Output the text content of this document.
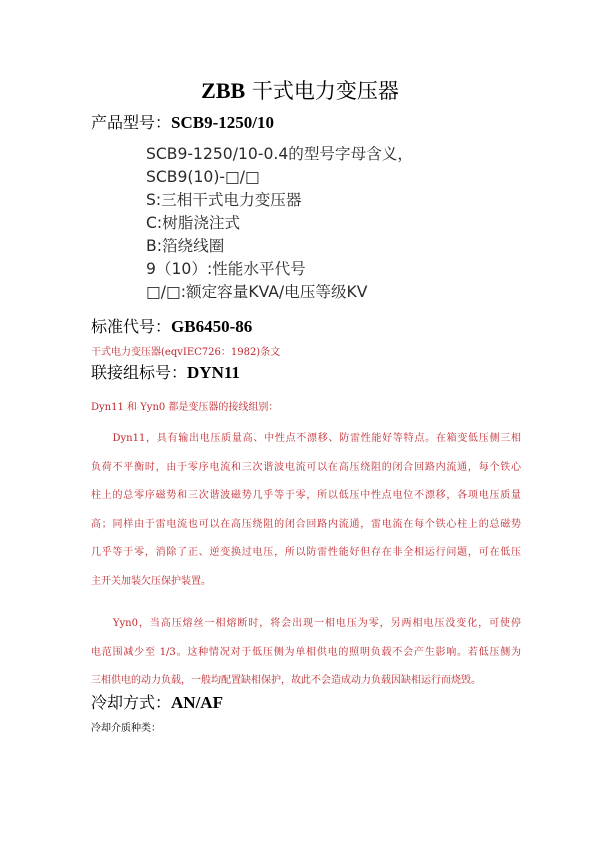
ZBB 干式电力变压器
产品型号：SCB9-1250/10
SCB9-1250/10-0.4的型号字母含义，
SCB9(10)-□/□
S:三相干式电力变压器
C:树脂浇注式
B:箔绕线圈
9（10）:性能水平代号
□/□:额定容量KVA/电压等级KV
标准代号：GB6450-86
干式电力变压器(eqvIEC726：1982)条文
联接组标号：DYN11
Dyn11 和 Yyn0 都是变压器的接线组别：
　　Dyn11，具有输出电压质量高、中性点不漂移、防雷性能好等特点。在箱变低压侧三相
负荷不平衡时，由于零序电流和三次谐波电流可以在高压绕阻的闭合回路内流通，每个铁心
柱上的总零序磁势和三次谐波磁势几乎等于零，所以低压中性点电位不漂移，各项电压质量
高；同样由于雷电流也可以在高压绕阻的闭合回路内流通，雷电流在每个铁心柱上的总磁势
几乎等于零，消除了正、逆变换过电压，所以防雷性能好但存在非全相运行问题，可在低压
主开关加装欠压保护装置。
　　Yyn0，当高压熔丝一相熔断时，将会出现一相电压为零，另两相电压没变化，可使停
电范围减少至 1/3。这种情况对于低压侧为单相供电的照明负载不会产生影响。若低压侧为
三相供电的动力负载，一般均配置缺相保护，故此不会造成动力负载因缺相运行而烧毁。
冷却方式：AN/AF
冷却介质种类：
